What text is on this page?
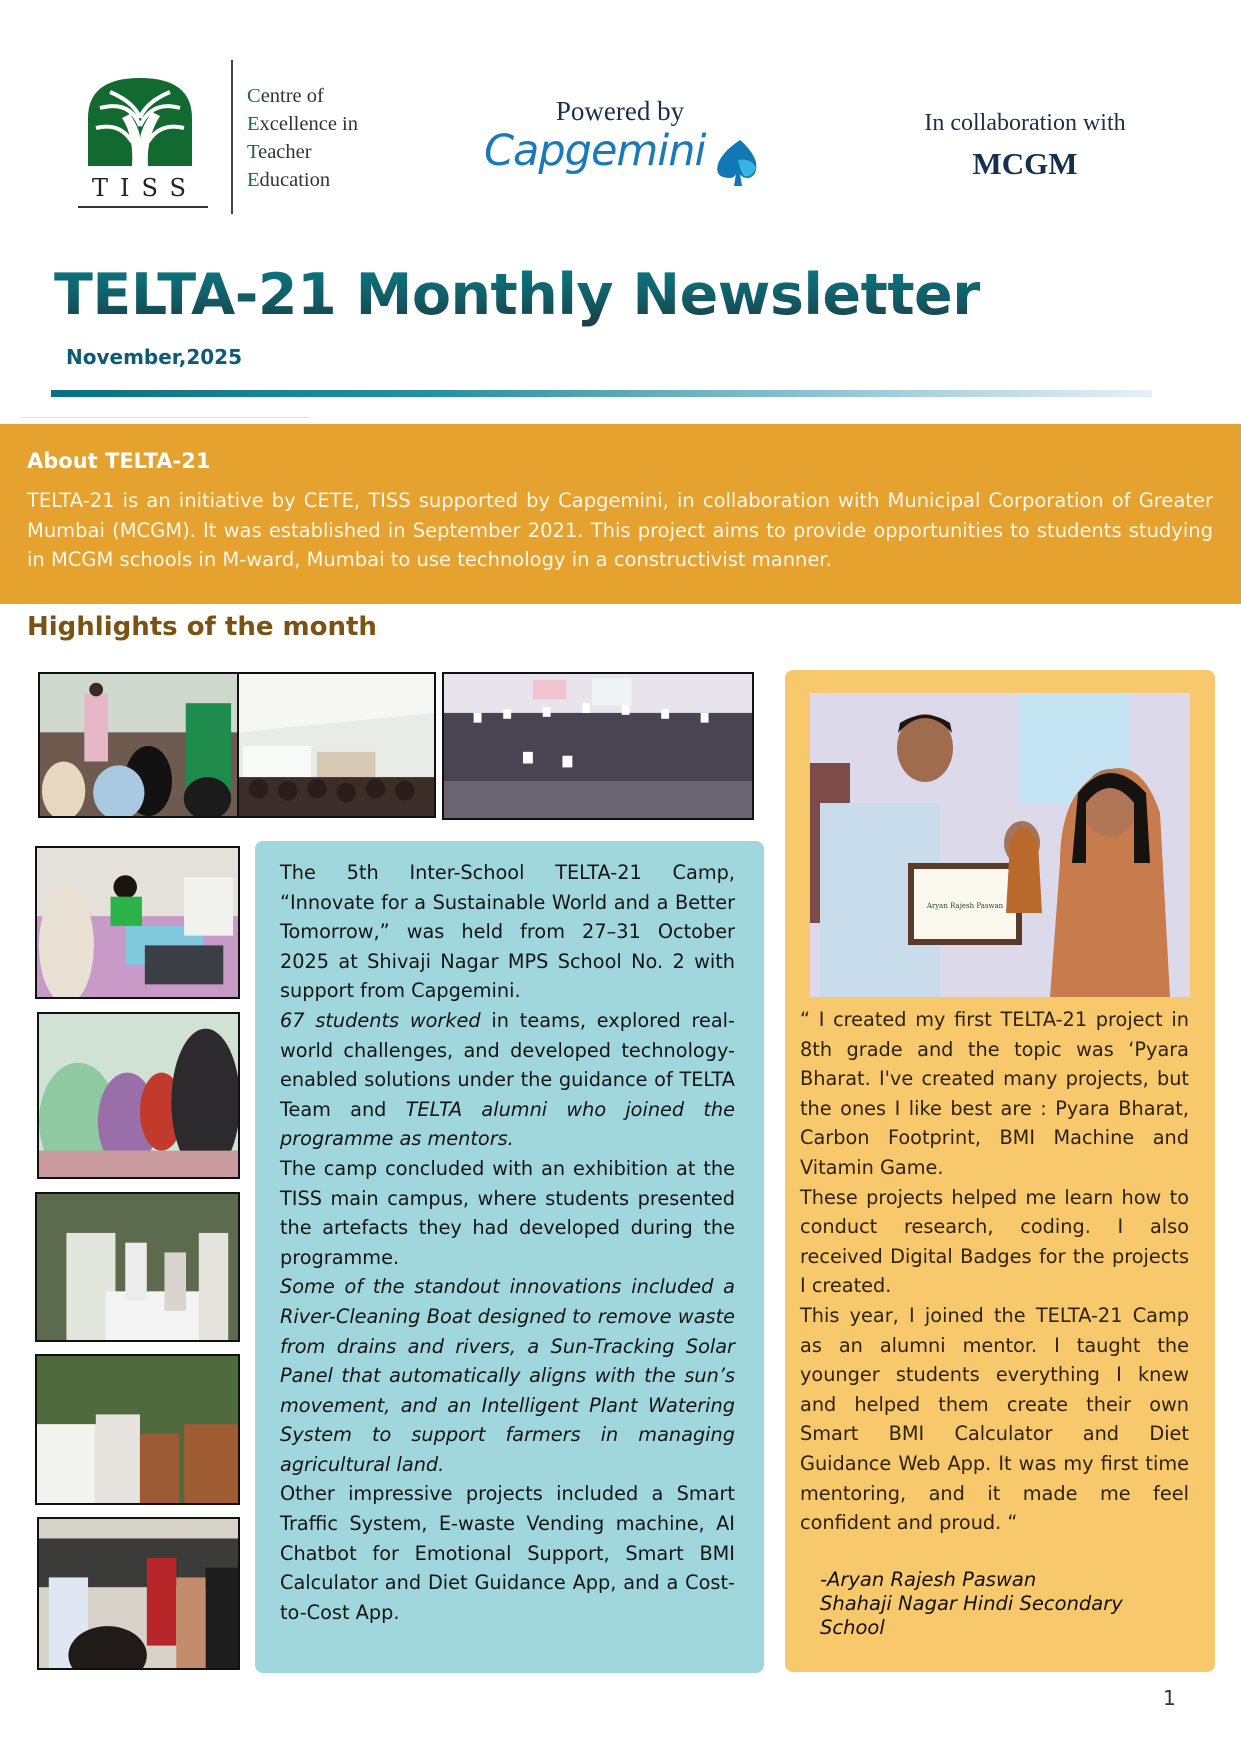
TISS
Centre of
Excellence in
Teacher
Education
Powered by
Capgemini
In collaboration with
MCGM
TELTA-21 Monthly Newsletter
November,2025
About TELTA-21
TELTA-21 is an initiative by CETE, TISS supported by Capgemini, in collaboration with Municipal Corporation of Greater Mumbai (MCGM). It was established in September 2021. This project aims to provide opportunities to students studying in MCGM schools in M-ward, Mumbai to use technology in a constructivist manner.
Highlights of the month

The 5th Inter-School TELTA-21 Camp, “Innovate for a Sustainable World and a Better Tomorrow,” was held from 27–31 October 2025 at Shivaji Nagar MPS School No. 2 with support from Capgemini.

67 students worked in teams, explored real-world challenges, and developed technology-enabled solutions under the guidance of TELTA Team and TELTA alumni who joined the programme as mentors.

The camp concluded with an exhibition at the TISS main campus, where students presented the artefacts they had developed during the programme.

Some of the standout innovations included a River-Cleaning Boat designed to remove waste from drains and rivers, a Sun-Tracking Solar Panel that automatically aligns with the sun’s movement, and an Intelligent Plant Watering System to support farmers in managing agricultural land.

Other impressive projects included a Smart Traffic System, E-waste Vending machine, AI Chatbot for Emotional Support, Smart BMI Calculator and Diet Guidance App, and a Cost-to-Cost App.

Aryan Rajesh Paswan

“ I created my first TELTA-21 project in 8th grade and the topic was ‘Pyara Bharat. I've created many projects, but the ones I like best are : Pyara Bharat, Carbon Footprint, BMI Machine and Vitamin Game.

These projects helped me learn how to conduct research, coding. I also received Digital Badges for the projects I created.

This year, I joined the TELTA-21 Camp as an alumni mentor. I taught the younger students everything I knew and helped them create their own Smart BMI Calculator and Diet Guidance Web App. It was my first time mentoring, and it made me feel confident and proud. “

-Aryan Rajesh Paswan
Shahaji Nagar Hindi Secondary School
1
